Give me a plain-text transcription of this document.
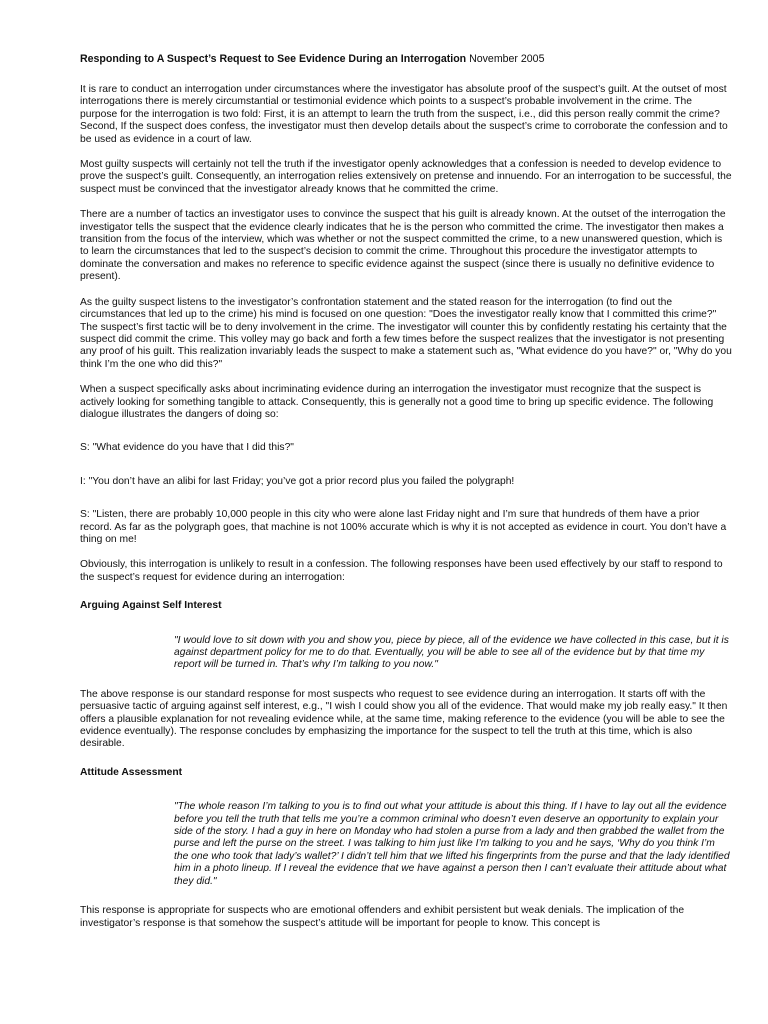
Responding to A Suspect’s Request to See Evidence During an Interrogation November 2005

It is rare to conduct an interrogation under circumstances where the investigator has absolute proof of the suspect’s guilt. At the outset of most interrogations there is merely circumstantial or testimonial evidence which points to a suspect’s probable involvement in the crime. The purpose for the interrogation is two fold: First, it is an attempt to learn the truth from the suspect, i.e., did this person really commit the crime? Second, If the suspect does confess, the investigator must then develop details about the suspect’s crime to corroborate the confession and to be used as evidence in a court of law.

Most guilty suspects will certainly not tell the truth if the investigator openly acknowledges that a confession is needed to develop evidence to prove the suspect’s guilt. Consequently, an interrogation relies extensively on pretense and innuendo. For an interrogation to be successful, the suspect must be convinced that the investigator already knows that he committed the crime.

There are a number of tactics an investigator uses to convince the suspect that his guilt is already known. At the outset of the interrogation the investigator tells the suspect that the evidence clearly indicates that he is the person who committed the crime. The investigator then makes a transition from the focus of the interview, which was whether or not the suspect committed the crime, to a new unanswered question, which is to learn the circumstances that led to the suspect’s decision to commit the crime. Throughout this procedure the investigator attempts to dominate the conversation and makes no reference to specific evidence against the suspect (since there is usually no definitive evidence to present).

As the guilty suspect listens to the investigator’s confrontation statement and the stated reason for the interrogation (to find out the circumstances that led up to the crime) his mind is focused on one question: "Does the investigator really know that I committed this crime?" The suspect’s first tactic will be to deny involvement in the crime. The investigator will counter this by confidently restating his certainty that the suspect did commit the crime. This volley may go back and forth a few times before the suspect realizes that the investigator is not presenting any proof of his guilt. This realization invariably leads the suspect to make a statement such as, "What evidence do you have?" or, "Why do you think I’m the one who did this?"

When a suspect specifically asks about incriminating evidence during an interrogation the investigator must recognize that the suspect is actively looking for something tangible to attack. Consequently, this is generally not a good time to bring up specific evidence. The following dialogue illustrates the dangers of doing so:

S: "What evidence do you have that I did this?"

I: "You don’t have an alibi for last Friday; you’ve got a prior record plus you failed the polygraph!

S: "Listen, there are probably 10,000 people in this city who were alone last Friday night and I’m sure that hundreds of them have a prior record. As far as the polygraph goes, that machine is not 100% accurate which is why it is not accepted as evidence in court. You don’t have a thing on me!

Obviously, this interrogation is unlikely to result in a confession. The following responses have been used effectively by our staff to respond to the suspect’s request for evidence during an interrogation:

Arguing Against Self Interest

"I would love to sit down with you and show you, piece by piece, all of the evidence we have collected in this case, but it is against department policy for me to do that. Eventually, you will be able to see all of the evidence but by that time my report will be turned in. That’s why I’m talking to you now."

The above response is our standard response for most suspects who request to see evidence during an interrogation. It starts off with the persuasive tactic of arguing against self interest, e.g., "I wish I could show you all of the evidence. That would make my job really easy." It then offers a plausible explanation for not revealing evidence while, at the same time, making reference to the evidence (you will be able to see the evidence eventually). The response concludes by emphasizing the importance for the suspect to tell the truth at this time, which is also desirable.

Attitude Assessment

"The whole reason I’m talking to you is to find out what your attitude is about this thing. If I have to lay out all the evidence before you tell the truth that tells me you’re a common criminal who doesn’t even deserve an opportunity to explain your side of the story. I had a guy in here on Monday who had stolen a purse from a lady and then grabbed the wallet from the purse and left the purse on the street. I was talking to him just like I’m talking to you and he says, ‘Why do you think I’m the one who took that lady’s wallet?’ I didn’t tell him that we lifted his fingerprints from the purse and that the lady identified him in a photo lineup. If I reveal the evidence that we have against a person then I can’t evaluate their attitude about what they did."

This response is appropriate for suspects who are emotional offenders and exhibit persistent but weak denials. The implication of the investigator’s response is that somehow the suspect’s attitude will be important for people to know. This concept is
